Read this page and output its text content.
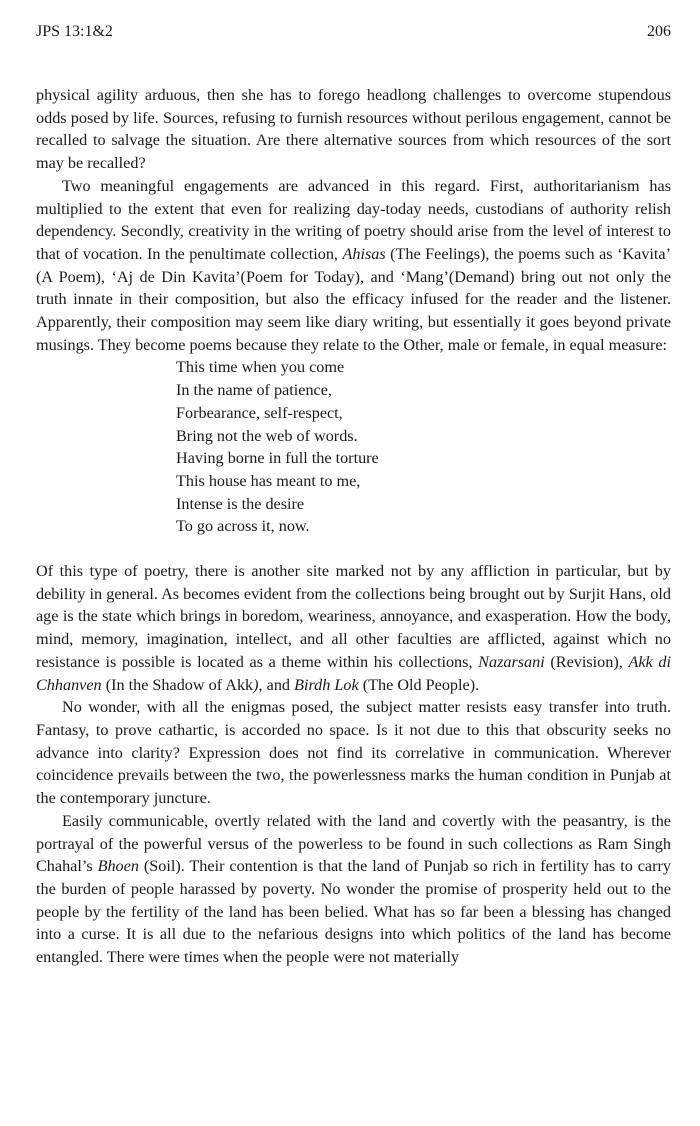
JPS 13:1&2	206

physical agility arduous, then she has to forego headlong challenges to overcome stupendous odds posed by life. Sources, refusing to furnish resources without perilous engagement, cannot be recalled to salvage the situation. Are there alternative sources from which resources of the sort may be recalled?

Two meaningful engagements are advanced in this regard. First, authoritarianism has multiplied to the extent that even for realizing day-today needs, custodians of authority relish dependency. Secondly, creativity in the writing of poetry should arise from the level of interest to that of vocation. In the penultimate collection, Ahisas (The Feelings), the poems such as ‘Kavita’ (A Poem), ‘Aj de Din Kavita’(Poem for Today), and ‘Mang’(Demand) bring out not only the truth innate in their composition, but also the efficacy infused for the reader and the listener. Apparently, their composition may seem like diary writing, but essentially it goes beyond private musings. They become poems because they relate to the Other, male or female, in equal measure:

This time when you come
In the name of patience,
Forbearance, self-respect,
Bring not the web of words.
Having borne in full the torture
This house has meant to me,
Intense is the desire
To go across it, now.

Of this type of poetry, there is another site marked not by any affliction in particular, but by debility in general. As becomes evident from the collections being brought out by Surjit Hans, old age is the state which brings in boredom, weariness, annoyance, and exasperation. How the body, mind, memory, imagination, intellect, and all other faculties are afflicted, against which no resistance is possible is located as a theme within his collections, Nazarsani (Revision), Akk di Chhanven (In the Shadow of Akk), and Birdh Lok (The Old People).

No wonder, with all the enigmas posed, the subject matter resists easy transfer into truth. Fantasy, to prove cathartic, is accorded no space. Is it not due to this that obscurity seeks no advance into clarity? Expression does not find its correlative in communication. Wherever coincidence prevails between the two, the powerlessness marks the human condition in Punjab at the contemporary juncture.

Easily communicable, overtly related with the land and covertly with the peasantry, is the portrayal of the powerful versus of the powerless to be found in such collections as Ram Singh Chahal’s Bhoen (Soil). Their contention is that the land of Punjab so rich in fertility has to carry the burden of people harassed by poverty. No wonder the promise of prosperity held out to the people by the fertility of the land has been belied. What has so far been a blessing has changed into a curse. It is all due to the nefarious designs into which politics of the land has become entangled. There were times when the people were not materially
